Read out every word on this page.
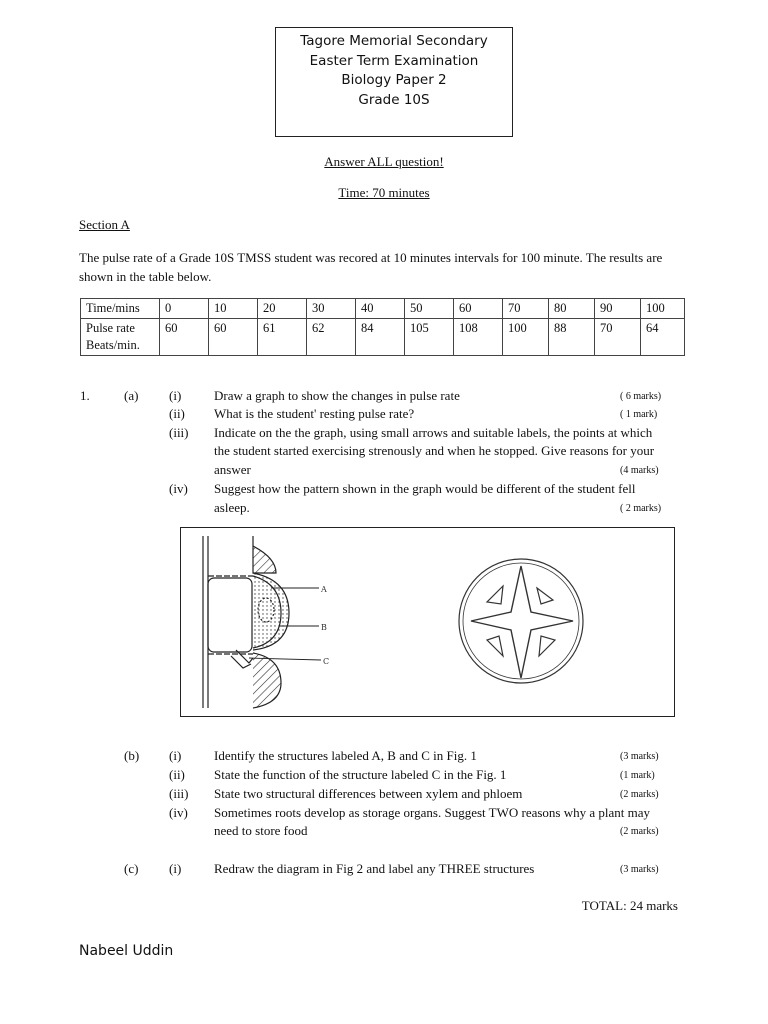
Tagore Memorial Secondary
Easter Term Examination
Biology Paper 2
Grade 10S
Answer ALL question!
Time: 70 minutes
Section A
The pulse rate of a Grade 10S TMSS student was recored at 10 minutes intervals for 100 minute. The results are shown in the table below.
Time/mins	0	10	20	30	40	50	60	70	80	90	100

Pulse rate
Beats/min.	60	60	61	62	84	105	108	100	88	70	64
1.	(a) (i)	Draw a graph to show the changes in pulse rate	( 6 marks)
(ii) What is the student' resting pulse rate?	( 1 mark)
(iii) Indicate on the the graph, using small arrows and suitable labels, the points at which
the student started exercising strenously and when he stopped. Give reasons for your
answer	(4 marks)
(iv) Suggest how the pattern shown in the graph would be different of the student fell
asleep.	( 2 marks)
A
B
C
(b) (i)	Identify the structures labeled A, B and C in Fig. 1	(3 marks)
(ii) State the function of the structure labeled C in the Fig. 1	(1 mark)
(iii) State two structural differences between xylem and phloem	(2 marks)
(iv) Sometimes roots develop as storage organs. Suggest TWO reasons why a plant may
need to store food	(2 marks)
(c) (i)	Redraw the diagram in Fig 2 and label any THREE structures	(3 marks)
TOTAL: 24 marks
Nabeel Uddin
